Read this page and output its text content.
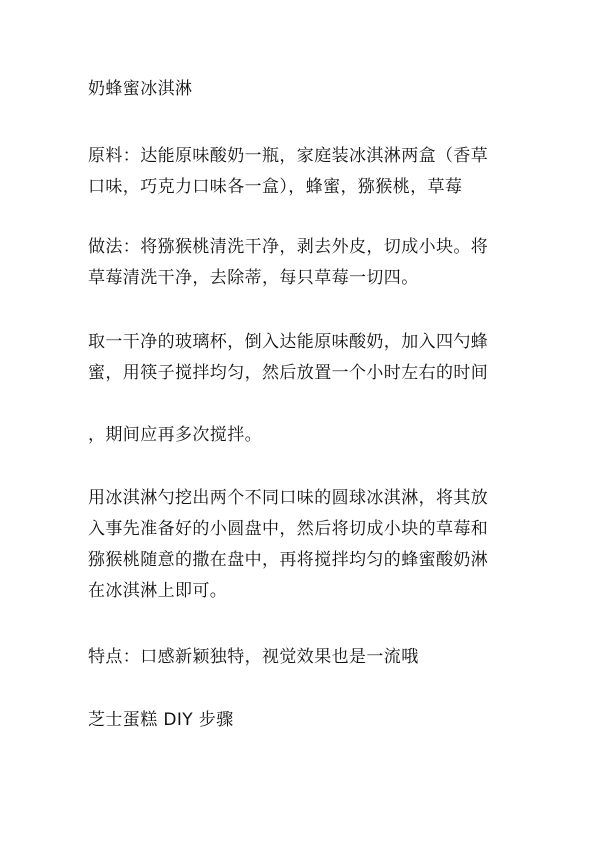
奶蜂蜜冰淇淋
原料：达能原味酸奶一瓶，家庭装冰淇淋两盒（香草
口味，巧克力口味各一盒），蜂蜜，猕猴桃，草莓
做法：将猕猴桃清洗干净，剥去外皮，切成小块。将
草莓清洗干净，去除蒂，每只草莓一切四。
取一干净的玻璃杯，倒入达能原味酸奶，加入四勺蜂
蜜，用筷子搅拌均匀，然后放置一个小时左右的时间
，期间应再多次搅拌。
用冰淇淋勺挖出两个不同口味的圆球冰淇淋，将其放
入事先准备好的小圆盘中，然后将切成小块的草莓和
猕猴桃随意的撒在盘中，再将搅拌均匀的蜂蜜酸奶淋
在冰淇淋上即可。
特点：口感新颖独特，视觉效果也是一流哦
芝士蛋糕 DIY 步骤
